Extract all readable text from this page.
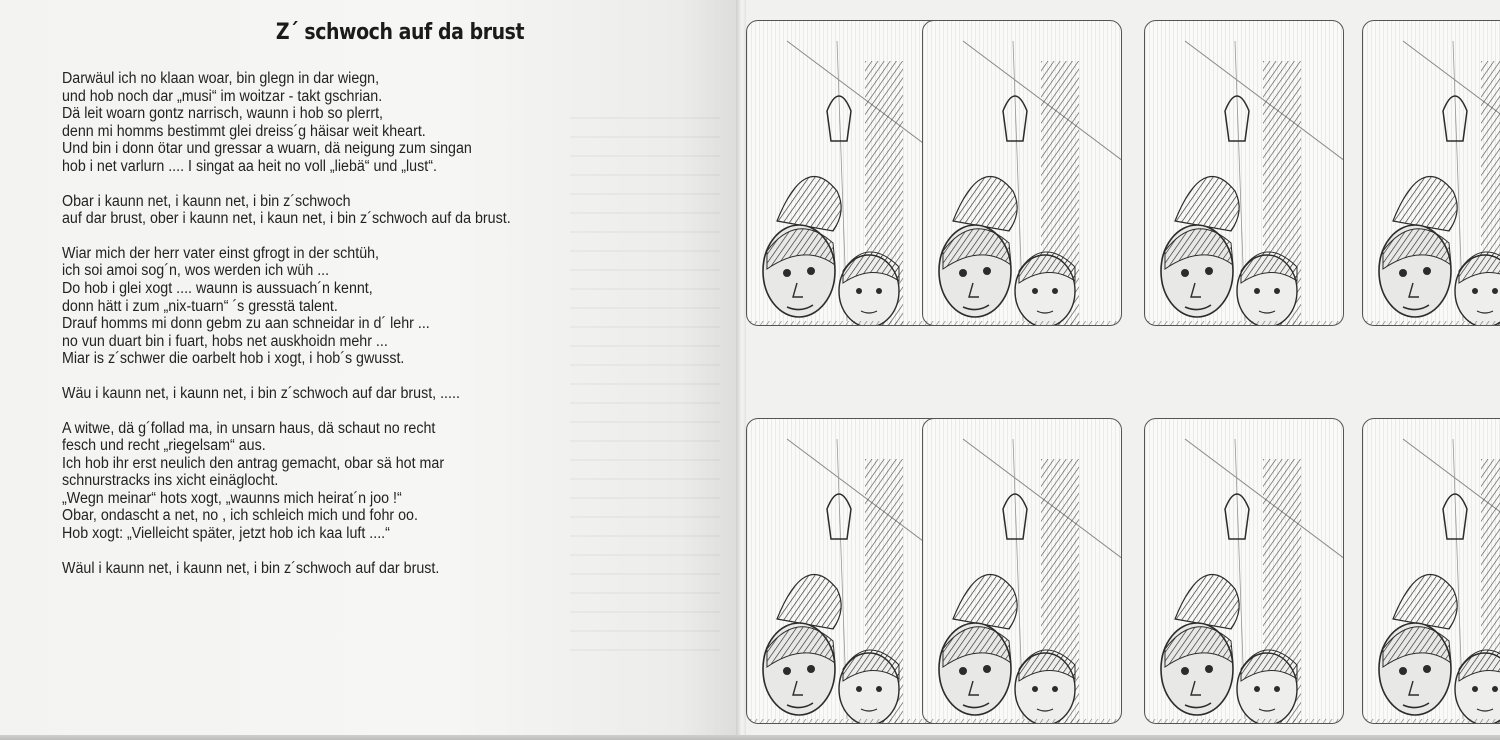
Z´ schwoch auf da brust

Darwäul ich no klaan woar, bin glegn in dar wiegn,
und hob noch dar „musi“ im woitzar - takt gschrian.
Dä leit woarn gontz narrisch, waunn i hob so plerrt,
denn mi homms bestimmt glei dreiss´g häisar weit kheart.
Und bin i donn ötar und gressar a wuarn, dä neigung zum singan
hob i net varlurn .... I singat aa heit no voll „liebä“ und „lust“.

Obar i kaunn net, i kaunn net, i bin z´schwoch
auf dar brust, ober i kaunn net, i kaun net, i bin z´schwoch auf da brust.

Wiar mich der herr vater einst gfrogt in der schtüh,
ich soi amoi sog´n, wos werden ich wüh ...
Do hob i glei xogt .... waunn is aussuach´n kennt,
donn hätt i zum „nix-tuarn“ ´s gresstä talent.
Drauf homms mi donn gebm zu aan schneidar in d´ lehr ...
no vun duart bin i fuart, hobs net auskhoidn mehr ...
Miar is z´schwer die oarbelt hob i xogt, i hob´s gwusst.

Wäu i kaunn net, i kaunn net, i bin z´schwoch auf dar brust, .....

A witwe, dä g´follad ma, in unsarn haus, dä schaut no recht
fesch und recht „riegelsam“ aus.
Ich hob ihr erst neulich den antrag gemacht, obar sä hot mar
schnurstracks ins xicht einäglocht.
„Wegn meinar“ hots xogt, „waunns mich heirat´n joo !“
Obar, ondascht a net, no , ich schleich mich und fohr oo.
Hob xogt: „Vielleicht später, jetzt hob ich kaa luft ....“

Wäul i kaunn net, i kaunn net, i bin z´schwoch auf dar brust.
